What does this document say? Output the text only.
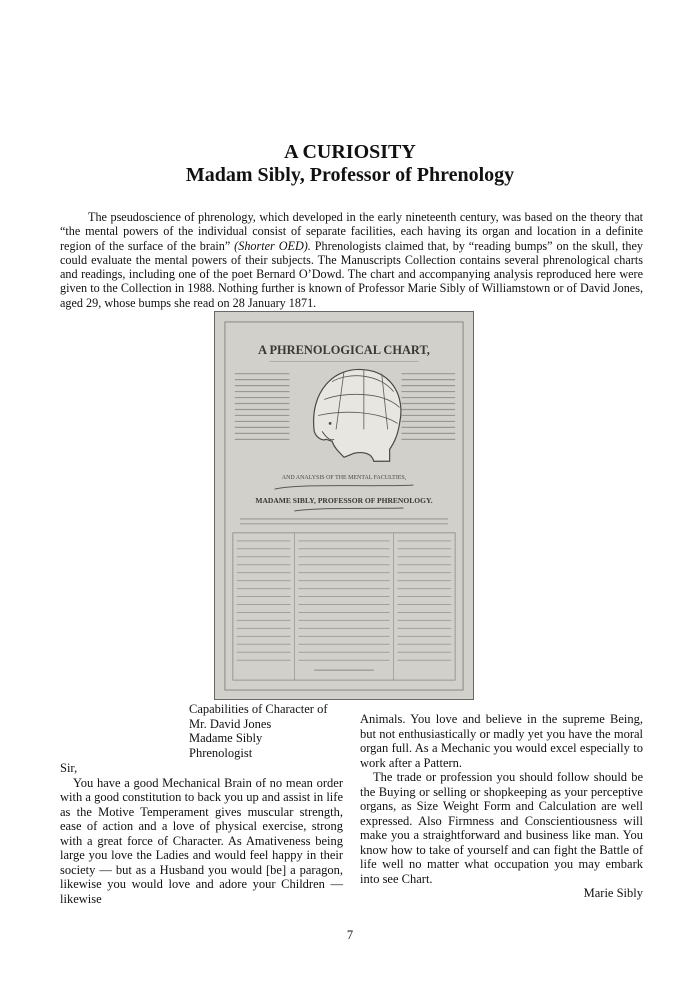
A CURIOSITY
Madam Sibly, Professor of Phrenology

The pseudoscience of phrenology, which developed in the early nineteenth century, was based on the theory that “the mental powers of the individual consist of separate facilities, each having its organ and location in a definite region of the surface of the brain” (Shorter OED). Phrenologists claimed that, by “reading bumps” on the skull, they could evaluate the mental powers of their subjects. The Manuscripts Collection contains several phrenological charts and readings, including one of the poet Bernard O’Dowd. The chart and accompanying analysis reproduced here were given to the Collection in 1988. Nothing further is known of Professor Marie Sibly of Williamstown or of David Jones, aged 29, whose bumps she read on 28 January 1871.

A PHRENOLOGICAL CHART,
AND ANALYSIS OF THE MENTAL FACULTIES,
MADAME SIBLY, PROFESSOR OF PHRENOLOGY.
Capabilities of Character of
Mr. David Jones
Madame Sibly
Phrenologist

Sir,

You have a good Mechanical Brain of no mean order with a good constitution to back you up and assist in life as the Motive Temperament gives muscular strength, ease of action and a love of physical exercise, strong with a great force of Character. As Amativeness being large you love the Ladies and would feel happy in their society — but as a Husband you would [be] a paragon, likewise you would love and adore your Children — likewise

Animals. You love and believe in the supreme Being, but not enthusiastically or madly yet you have the moral organ full. As a Mechanic you would excel especially to work after a Pattern.

The trade or profession you should follow should be the Buying or selling or shopkeeping as your perceptive organs, as Size Weight Form and Calculation are well expressed. Also Firmness and Conscientiousness will make you a straightforward and business like man. You know how to take of yourself and can fight the Battle of life well no matter what occupation you may embark into see Chart.

Marie Sibly

7
